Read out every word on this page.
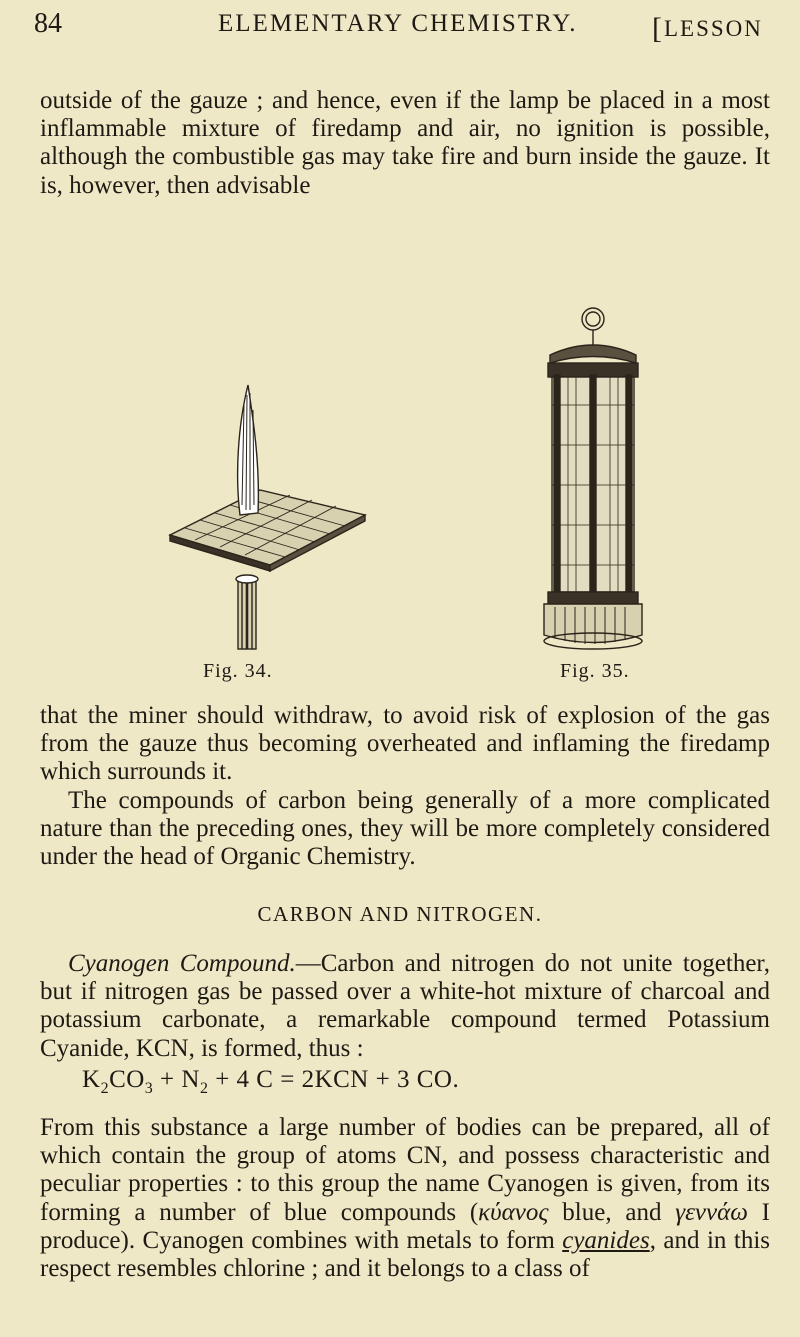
84	ELEMENTARY CHEMISTRY. [LESSON

outside of the gauze ; and hence, even if the lamp be placed in a most inflammable mixture of firedamp and air, no ignition is possible, although the combustible gas may take fire and burn inside the gauze. It is, however, then advisable

Fig. 34.	Fig. 35.

that the miner should withdraw, to avoid risk of explosion of the gas from the gauze thus becoming overheated and inflaming the firedamp which surrounds it.

The compounds of carbon being generally of a more complicated nature than the preceding ones, they will be more completely considered under the head of Organic Chemistry.

CARBON AND NITROGEN.

Cyanogen Compound.—Carbon and nitrogen do not unite together, but if nitrogen gas be passed over a white-hot mixture of charcoal and potassium carbonate, a remarkable compound termed Potassium Cyanide, KCN, is formed, thus :

$K_2CO_3 + N_2 + 4$ C = 2KCN + 3 CO.

From this substance a large number of bodies can be prepared, all of which contain the group of atoms CN, and possess characteristic and peculiar properties : to this group the name Cyanogen is given, from its forming a number of blue compounds (κύανος blue, and γεννάω I produce). Cyanogen combines with metals to form cyanides, and in this respect resembles chlorine ; and it belongs to a class of
